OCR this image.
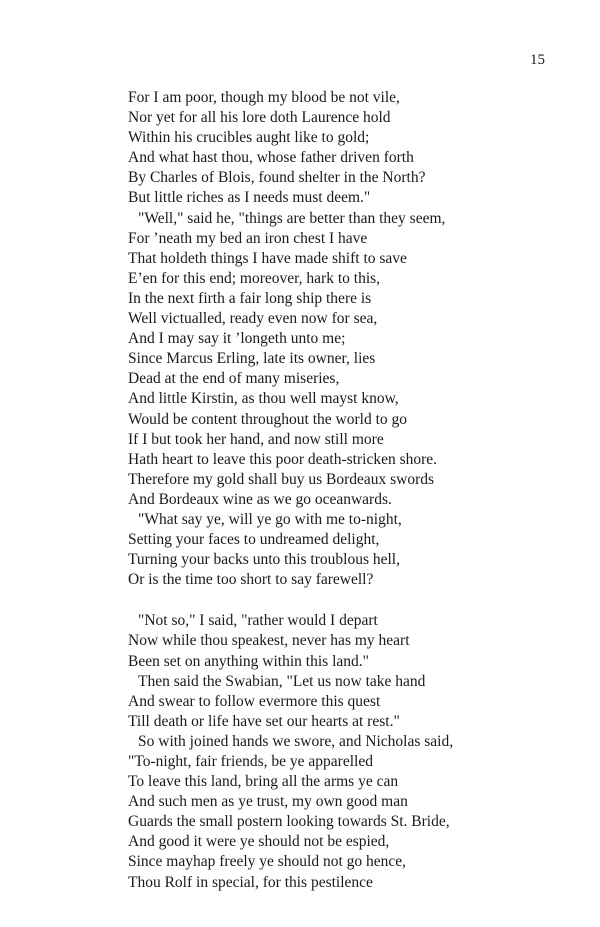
15
For I am poor, though my blood be not vile,
Nor yet for all his lore doth Laurence hold
Within his crucibles aught like to gold;
And what hast thou, whose father driven forth
By Charles of Blois, found shelter in the North?
But little riches as I needs must deem."
"Well," said he, "things are better than they seem,
For ’neath my bed an iron chest I have
That holdeth things I have made shift to save
E’en for this end; moreover, hark to this,
In the next firth a fair long ship there is
Well victualled, ready even now for sea,
And I may say it ’longeth unto me;
Since Marcus Erling, late its owner, lies
Dead at the end of many miseries,
And little Kirstin, as thou well mayst know,
Would be content throughout the world to go
If I but took her hand, and now still more
Hath heart to leave this poor death-stricken shore.
Therefore my gold shall buy us Bordeaux swords
And Bordeaux wine as we go oceanwards.
"What say ye, will ye go with me to-night,
Setting your faces to undreamed delight,
Turning your backs unto this troublous hell,
Or is the time too short to say farewell?
"Not so," I said, "rather would I depart
Now while thou speakest, never has my heart
Been set on anything within this land."
Then said the Swabian, "Let us now take hand
And swear to follow evermore this quest
Till death or life have set our hearts at rest."
So with joined hands we swore, and Nicholas said,
"To-night, fair friends, be ye apparelled
To leave this land, bring all the arms ye can
And such men as ye trust, my own good man
Guards the small postern looking towards St. Bride,
And good it were ye should not be espied,
Since mayhap freely ye should not go hence,
Thou Rolf in special, for this pestilence
